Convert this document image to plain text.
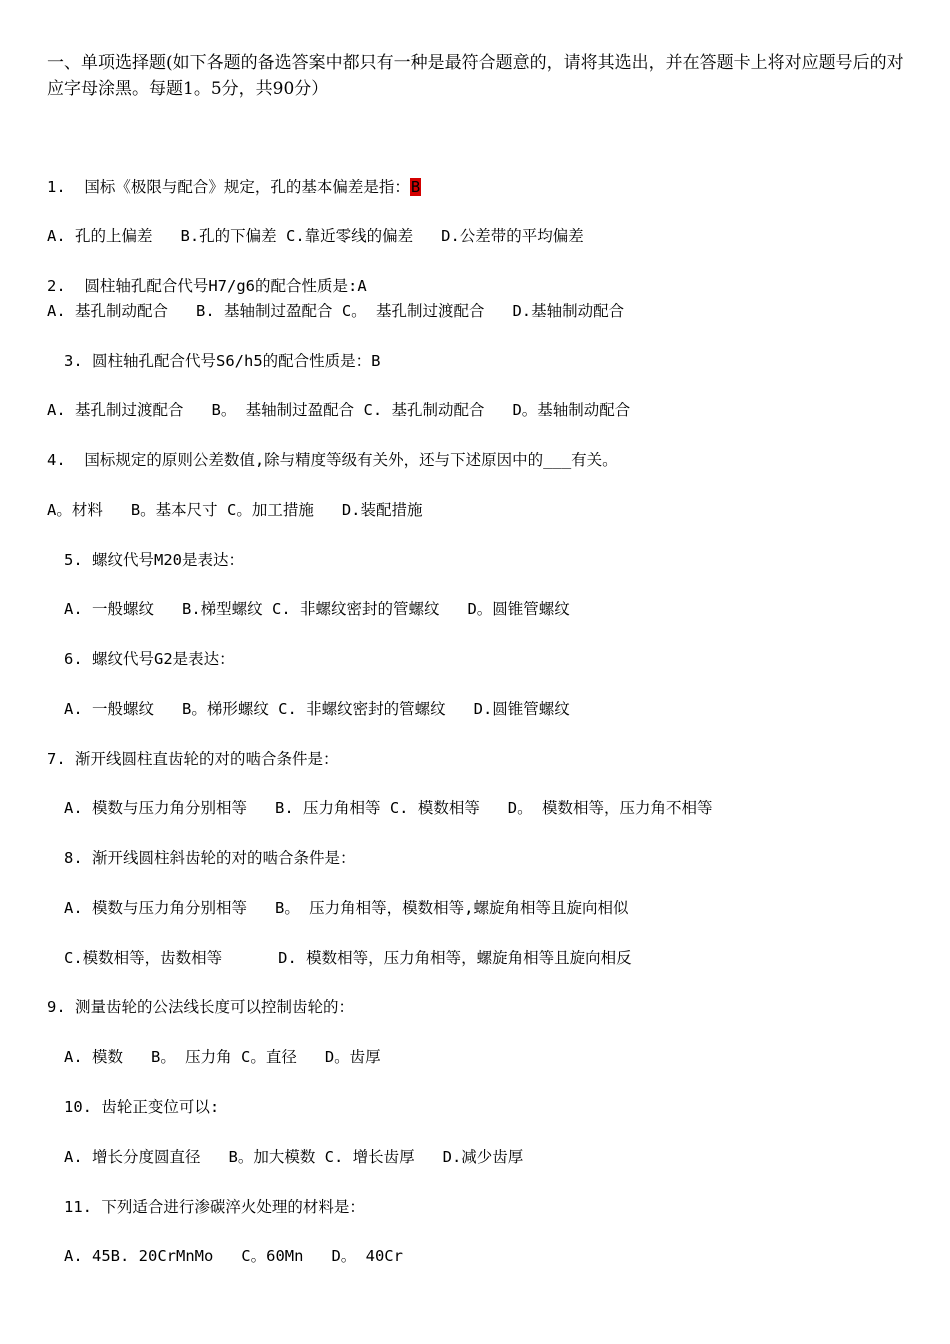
一、单项选择题(如下各题的备选答案中都只有一种是最符合题意的，请将其选出，并在答题卡上将对应题号后的对应字母涂黑。每题1。5分，共90分）
1.  国标《极限与配合》规定，孔的基本偏差是指：B
A. 孔的上偏差   B.孔的下偏差 C.靠近零线的偏差   D.公差带的平均偏差
2.  圆柱轴孔配合代号H7/g6的配合性质是:A
A. 基孔制动配合   B. 基轴制过盈配合 C。 基孔制过渡配合   D.基轴制动配合
3. 圆柱轴孔配合代号S6/h5的配合性质是：B
A. 基孔制过渡配合   B。 基轴制过盈配合 C. 基孔制动配合   D。基轴制动配合
4.  国标规定的原则公差数值,除与精度等级有关外，还与下述原因中的___有关。
A。材料   B。基本尺寸 C。加工措施   D.装配措施
5. 螺纹代号M20是表达：
A. 一般螺纹   B.梯型螺纹 C. 非螺纹密封的管螺纹   D。圆锥管螺纹
6. 螺纹代号G2是表达：
A. 一般螺纹   B。梯形螺纹 C. 非螺纹密封的管螺纹   D.圆锥管螺纹
7. 渐开线圆柱直齿轮的对的啮合条件是：
A. 模数与压力角分别相等   B. 压力角相等 C. 模数相等   D。 模数相等，压力角不相等
8. 渐开线圆柱斜齿轮的对的啮合条件是：
A. 模数与压力角分别相等   B。 压力角相等，模数相等,螺旋角相等且旋向相似
C.模数相等，齿数相等      D. 模数相等，压力角相等，螺旋角相等且旋向相反
9. 测量齿轮的公法线长度可以控制齿轮的：
A. 模数   B。 压力角 C。直径   D。齿厚
10. 齿轮正变位可以:
A. 增长分度圆直径   B。加大模数 C. 增长齿厚   D.减少齿厚
11. 下列适合进行渗碳淬火处理的材料是：
A. 45B. 20CrMnMo   C。60Mn   D。 40Cr
